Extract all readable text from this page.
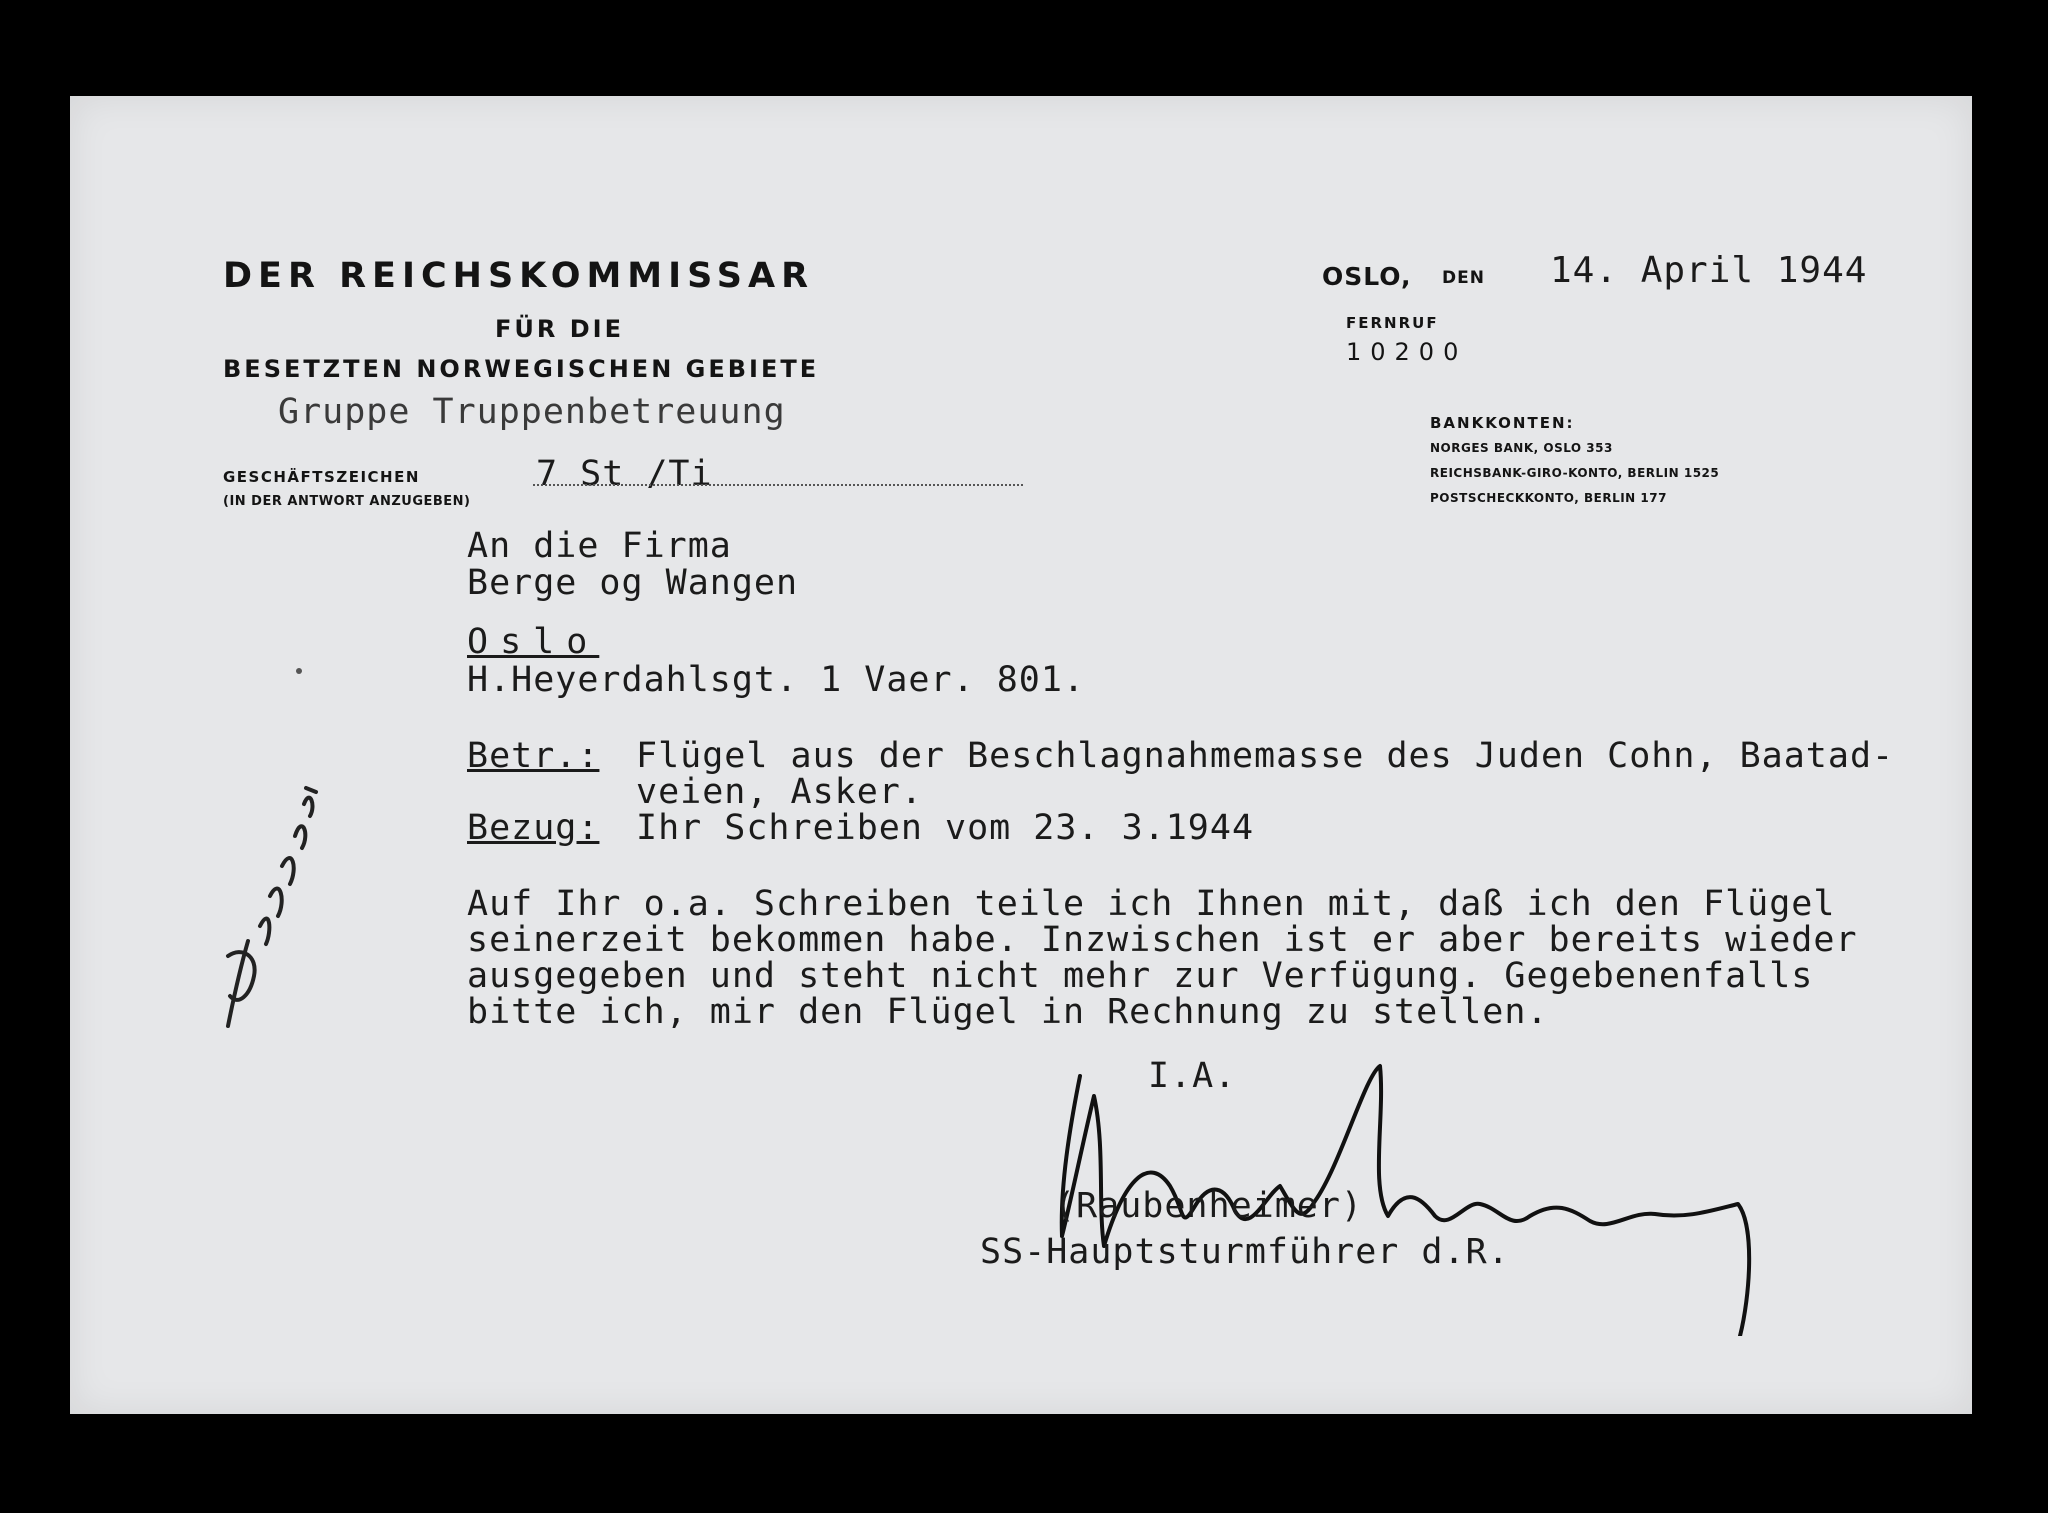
DER REICHSKOMMISSAR
FÜR DIE
BESETZTEN NORWEGISCHEN GEBIETE
Gruppe Truppenbetreuung
GESCHÄFTSZEICHEN	7 St /Ti
(IN DER ANTWORT ANZUGEBEN)
OSLO, DEN 14. April 1944
FERNRUF
10200
BANKKONTEN:
NORGES BANK, OSLO 353
REICHSBANK-GIRO-KONTO, BERLIN 1525
POSTSCHECKKONTO, BERLIN 177
An die Firma
Berge og Wangen
Oslo
H.Heyerdahlsgt. 1 Vaer. 801.
Betr.: Flügel aus der Beschlagnahmemasse des Juden Cohn, Baatad-
veien, Asker.
Bezug: Ihr Schreiben vom 23. 3.1944
Auf Ihr o.a. Schreiben teile ich Ihnen mit, daß ich den Flügel
seinerzeit bekommen habe. Inzwischen ist er aber bereits wieder
ausgegeben und steht nicht mehr zur Verfügung. Gegebenenfalls
bitte ich, mir den Flügel in Rechnung zu stellen.
I.A.
(Raubenheimer)
SS-Hauptsturmführer d.R.
